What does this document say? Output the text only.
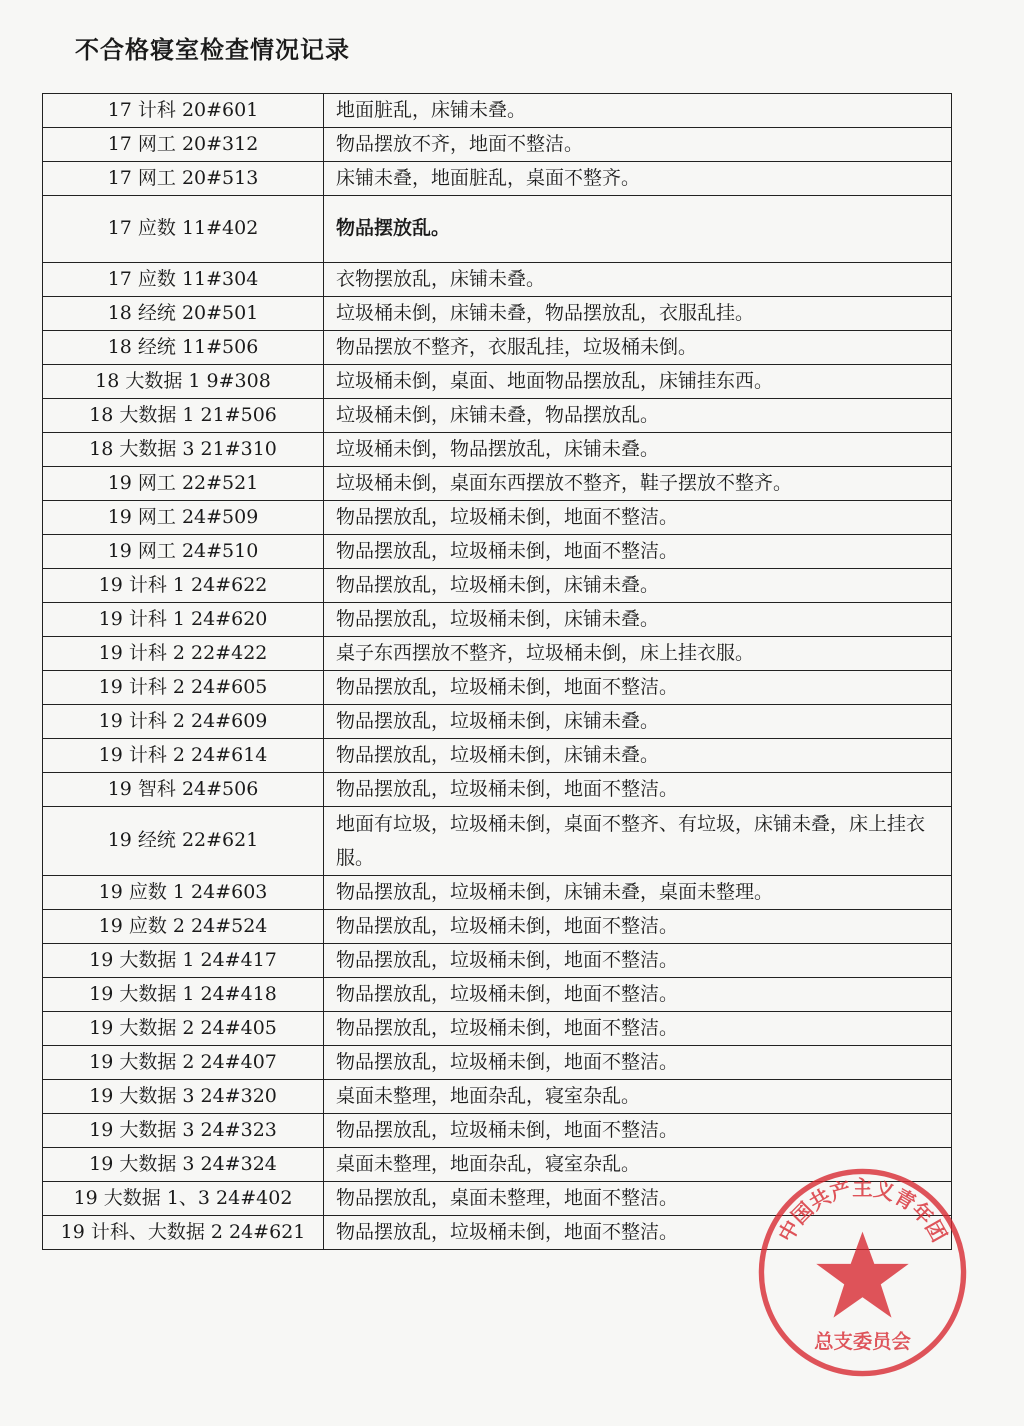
不合格寝室检查情况记录
17 计科 20#601	地面脏乱，床铺未叠。
17 网工 20#312	物品摆放不齐，地面不整洁。
17 网工 20#513	床铺未叠，地面脏乱，桌面不整齐。
17 应数 11#402	物品摆放乱。
17 应数 11#304	衣物摆放乱，床铺未叠。
18 经统 20#501	垃圾桶未倒，床铺未叠，物品摆放乱，衣服乱挂。
18 经统 11#506	物品摆放不整齐，衣服乱挂，垃圾桶未倒。
18 大数据 1 9#308	垃圾桶未倒，桌面、地面物品摆放乱，床铺挂东西。
18 大数据 1 21#506	垃圾桶未倒，床铺未叠，物品摆放乱。
18 大数据 3 21#310	垃圾桶未倒，物品摆放乱，床铺未叠。
19 网工 22#521	垃圾桶未倒，桌面东西摆放不整齐，鞋子摆放不整齐。
19 网工 24#509	物品摆放乱，垃圾桶未倒，地面不整洁。
19 网工 24#510	物品摆放乱，垃圾桶未倒，地面不整洁。
19 计科 1 24#622	物品摆放乱，垃圾桶未倒，床铺未叠。
19 计科 1 24#620	物品摆放乱，垃圾桶未倒，床铺未叠。
19 计科 2 22#422	桌子东西摆放不整齐，垃圾桶未倒，床上挂衣服。
19 计科 2 24#605	物品摆放乱，垃圾桶未倒，地面不整洁。
19 计科 2 24#609	物品摆放乱，垃圾桶未倒，床铺未叠。
19 计科 2 24#614	物品摆放乱，垃圾桶未倒，床铺未叠。
19 智科 24#506	物品摆放乱，垃圾桶未倒，地面不整洁。
19 经统 22#621	地面有垃圾，垃圾桶未倒，桌面不整齐、有垃圾，床铺未叠，床上挂衣服。
19 应数 1 24#603	物品摆放乱，垃圾桶未倒，床铺未叠，桌面未整理。
19 应数 2 24#524	物品摆放乱，垃圾桶未倒，地面不整洁。
19 大数据 1 24#417	物品摆放乱，垃圾桶未倒，地面不整洁。
19 大数据 1 24#418	物品摆放乱，垃圾桶未倒，地面不整洁。
19 大数据 2 24#405	物品摆放乱，垃圾桶未倒，地面不整洁。
19 大数据 2 24#407	物品摆放乱，垃圾桶未倒，地面不整洁。
19 大数据 3 24#320	桌面未整理，地面杂乱，寝室杂乱。
19 大数据 3 24#323	物品摆放乱，垃圾桶未倒，地面不整洁。
19 大数据 3 24#324	桌面未整理，地面杂乱，寝室杂乱。
19 大数据 1、3 24#402	物品摆放乱，桌面未整理，地面不整洁。
19 计科、大数据 2 24#621	物品摆放乱，垃圾桶未倒，地面不整洁。	中国共产主义青年团
总支委员会
